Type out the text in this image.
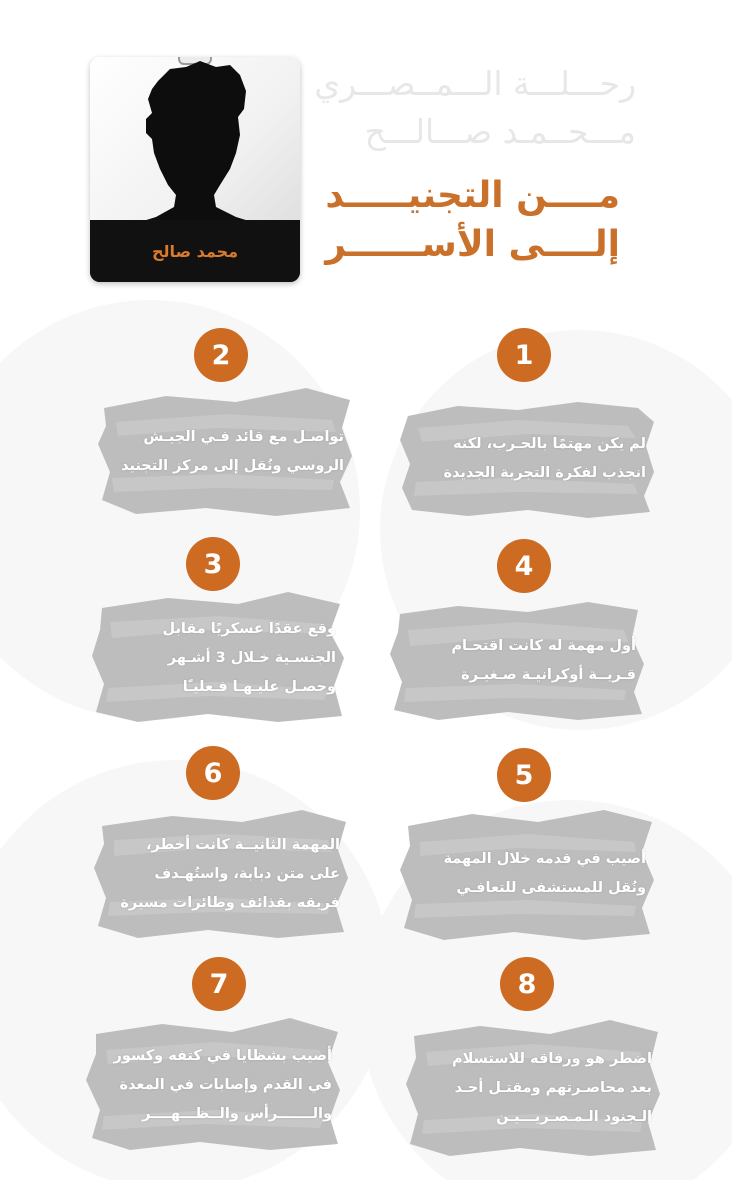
محمد صالح
رحـــلـــة الـــمــصـــري
مـــحــمـد صـــالـــح
مــــن التجنيـــــد
إلــــى الأســــــر
1
2
3	4
5
6
7	8
لم يكن مهتمًا بالحـرب، لكنه
انجذب لفكرة التجربة الجديدة
تواصـل مع قائد فـي الجيـش
الروسي ونُقل إلى مركز التجنيد
وقع عقدًا عسكريًا مقابل
الجنسـية خـلال 3 أشـهر
وحصـل عليـهـا فـعليـًا
أول مهمة له كانت اقتحـام
قـريــة أوكرانيـة صـغيـرة
أصيب في قدمه خلال المهمة
ونُقل للمستشفى للتعافـي
المهمة الثانيــة كانت أخطر،
على متن دبابة، واستُهـدف
فريقه بقذائف وطائرات مسيرة
أصيب بشظايا في كتفه وكسور
في القدم وإصابات في المعدة
والـــــــرأس والــظـــهــــر
اضطر هو ورفاقه للاستسلام
بعد محاصـرتهم ومقتـل أحـد
الـجنود الـمـصـريـــيـن
